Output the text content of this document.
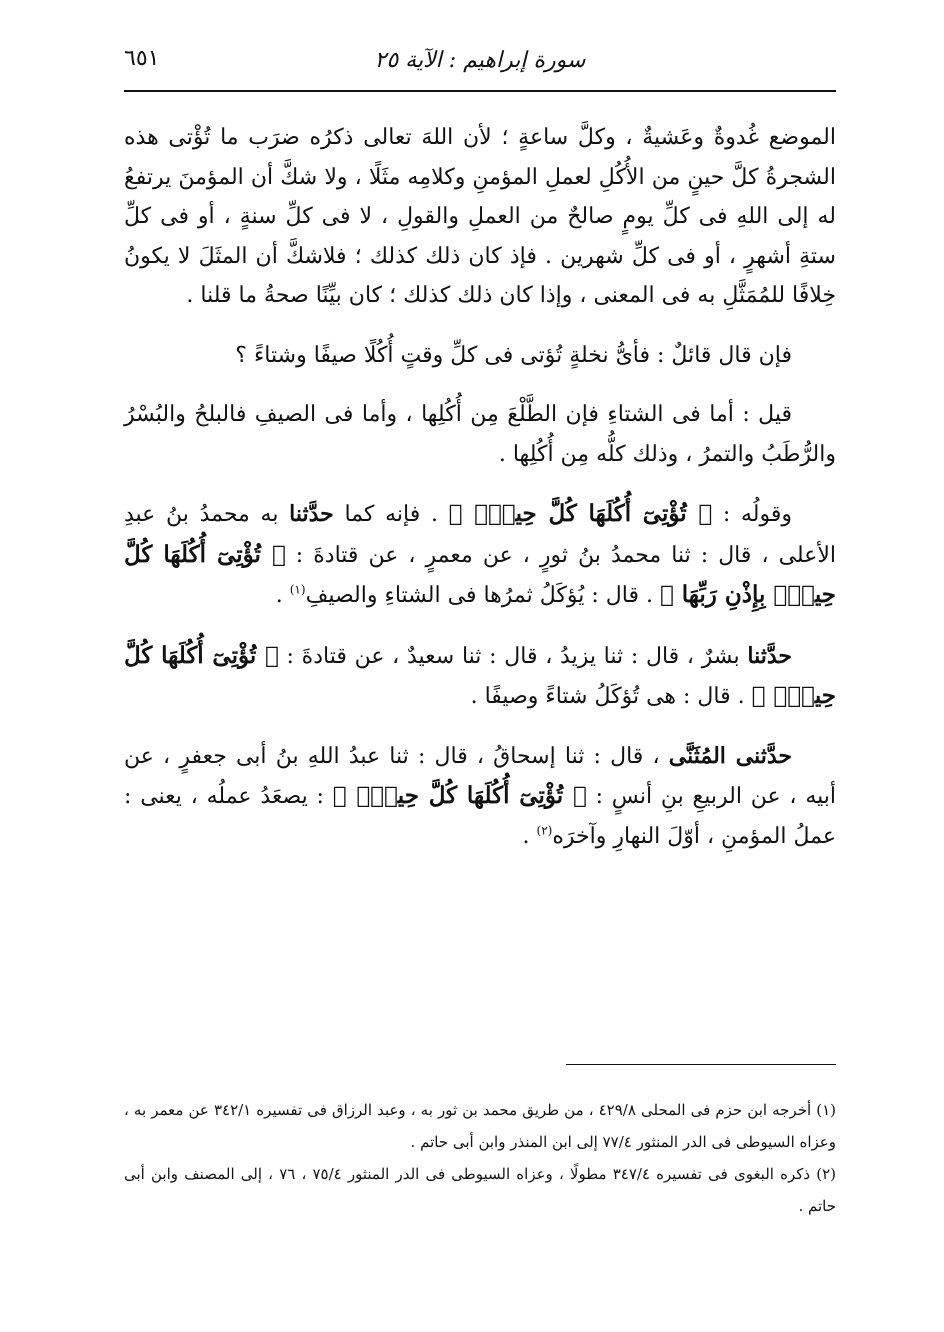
سورة إبراهيم : الآية ٢٥
٦٥١

الموضع غُدوةٌ وعَشيةٌ ، وكلَّ ساعةٍ ؛ لأن اللهَ تعالى ذكرُه ضرَب ما تُؤْتى هذه الشجرةُ كلَّ حينٍ من الأُكُلِ لعملِ المؤمنِ وكلامِه مثَلًا ، ولا شكَّ أن المؤمنَ يرتفعُ له إلى اللهِ فى كلِّ يومٍ صالحٌ من العملِ والقولِ ، لا فى كلِّ سنةٍ ، أو فى كلِّ ستةِ أشهرٍ ، أو فى كلِّ شهرين . فإذ كان ذلك كذلك ؛ فلاشكَّ أن المثَلَ لا يكونُ خِلافًا للمُمَثَّلِ به فى المعنى ، وإذا كان ذلك كذلك ؛ كان بيِّنًا صحةُ ما قلنا .

فإن قال قائلٌ : فأىُّ نخلةٍ تُؤتى فى كلِّ وقتٍ أُكُلًا صيفًا وشتاءً ؟

قيل : أما فى الشتاءِ فإن الطَّلْعَ مِن أُكُلِها ، وأما فى الصيفِ فالبلحُ والبُسْرُ والرُّطَبُ والتمرُ ، وذلك كلُّه مِن أُكُلِها .

وقولُه : ﴿ تُؤْتِىٓ أُكُلَهَا كُلَّ حِينِۭ ﴾ . فإنه كما حدَّثنا به محمدُ بنُ عبدِ الأعلى ، قال : ثنا محمدُ بنُ ثورٍ ، عن معمرٍ ، عن قتادةَ : ﴿ تُؤْتِىٓ أُكُلَهَا كُلَّ حِينِۭ بِإِذْنِ رَبِّهَا ﴾ . قال : يُؤكَلُ ثمرُها فى الشتاءِ والصيفِ$^{(١)}$ .

حدَّثنا بشرٌ ، قال : ثنا يزيدُ ، قال : ثنا سعيدٌ ، عن قتادةَ : ﴿ تُؤْتِىٓ أُكُلَهَا كُلَّ حِينِۭ ﴾ . قال : هى تُؤكَلُ شتاءً وصيفًا .

حدَّثنى المُثَنَّى ، قال : ثنا إسحاقُ ، قال : ثنا عبدُ اللهِ بنُ أبى جعفرٍ ، عن أبيه ، عن الربيعِ بنِ أنسٍ : ﴿ تُؤْتِىٓ أُكُلَهَا كُلَّ حِينِۭ ﴾ : يصعَدُ عملُه ، يعنى : عملُ المؤمنِ ، أوّلَ النهارِ وآخرَه$^{(٢)}$ .

(١) أخرجه ابن حزم فى المحلى ٤٢٩/٨ ، من طريق محمد بن ثور به ، وعبد الرزاق فى تفسيره ٣٤٢/١ عن معمر به ، وعزاه السيوطى فى الدر المنثور ٧٧/٤ إلى ابن المنذر وابن أبى حاتم .

(٢) ذكره البغوى فى تفسيره ٣٤٧/٤ مطولًا ، وعزاه السيوطى فى الدر المنثور ٧٥/٤ ، ٧٦ ، إلى المصنف وابن أبى حاتم .
